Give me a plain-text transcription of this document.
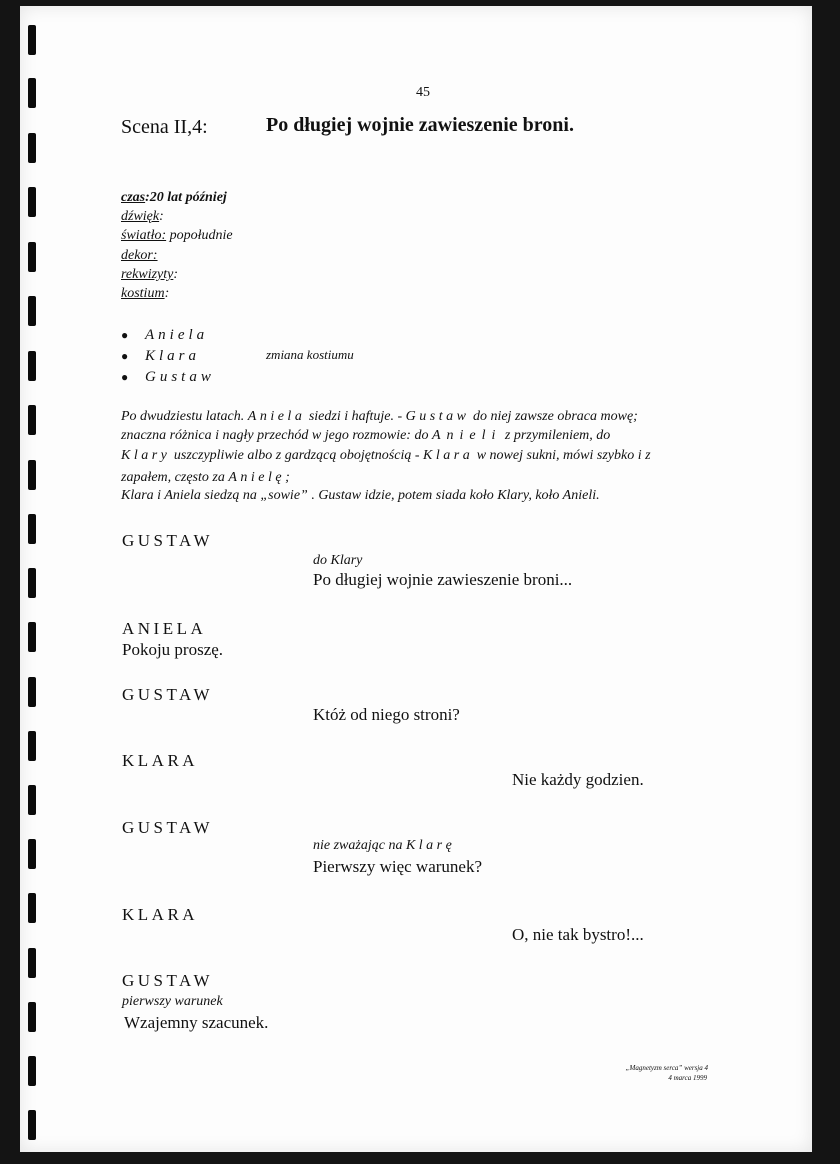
45
Scena II,4:	Po długiej wojnie zawieszenie broni.
czas:20 lat później
dźwięk:
światło: popołudnie
dekor:
rekwizyty:
kostium:
●	Aniela
●	Klara
●	Gustaw
zmiana kostiumu
Po dwudziestu latach. Aniela siedzi i haftuje. - Gustaw do niej zawsze obraca mowę;
znaczna różnica i nagły przechód w jego rozmowie: do Anieli z przymileniem, do
Klary uszczypliwie albo z gardzącą obojętnością - Klara w nowej sukni, mówi szybko i z
zapałem, często za Anielę;
Klara i Aniela siedzą na „sowie” . Gustaw idzie, potem siada koło Klary, koło Anieli.
GUSTAW
do Klary
Po długiej wojnie zawieszenie broni...
ANIELA
Pokoju proszę.
GUSTAW
Któż od niego stroni?
KLARA
Nie każdy godzien.
GUSTAW
nie zważając na Klarę
Pierwszy więc warunek?
KLARA
O, nie tak bystro!...
GUSTAW
pierwszy warunek
Wzajemny szacunek.
„Magnetyzm serca” wersja 4
4 marca 1999
